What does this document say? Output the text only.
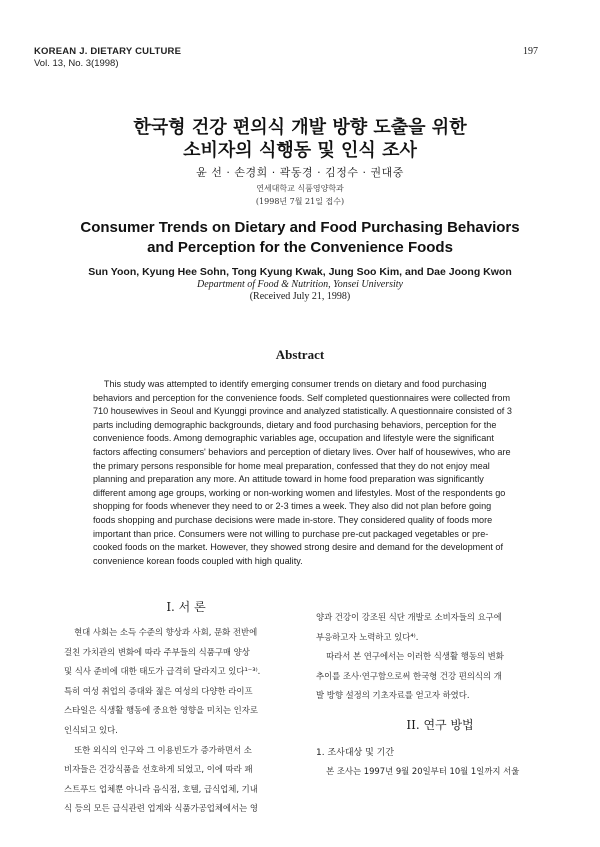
KOREAN J. DIETARY CULTURE
Vol. 13, No. 3(1998)
197
한국형 건강 편의식 개발 방향 도출을 위한
소비자의 식행동 및 인식 조사
윤 선 · 손경희 · 곽동경 · 김정수 · 권대중
연세대학교 식품영양학과
(1998년 7월 21일 접수)
Consumer Trends on Dietary and Food Purchasing Behaviors
and Perception for the Convenience Foods
Sun Yoon, Kyung Hee Sohn, Tong Kyung Kwak, Jung Soo Kim, and Dae Joong Kwon
Department of Food & Nutrition, Yonsei University
(Received July 21, 1998)
Abstract
This study was attempted to identify emerging consumer trends on dietary and food purchasing
behaviors and perception for the convenience foods. Self completed questionnaires were collected from
710 housewives in Seoul and Kyunggi province and analyzed statistically. A questionnaire consisted of 3
parts including demographic backgrounds, dietary and food purchasing behaviors, perception for the
convenience foods. Among demographic variables age, occupation and lifestyle were the significant
factors affecting consumers' behaviors and perception of dietary lives. Over half of housewives, who are
the primary persons responsible for home meal preparation, confessed that they do not enjoy meal
planning and preparation any more. An attitude toward in home food preparation was significantly
different among age groups, working or non-working women and lifestyles. Most of the respondents go
shopping for foods whenever they need to or 2-3 times a week. They also did not plan before going
foods shopping and purchase decisions were made in-store. They considered quality of foods more
important than price. Consumers were not willing to purchase pre-cut packaged vegetables or pre-
cooked foods on the market. However, they showed strong desire and demand for the development of
convenience korean foods coupled with high quality.
I. 서 론
현대 사회는 소득 수준의 향상과 사회, 문화 전반에
걸친 가치관의 변화에 따라 주부들의 식품구매 양상
및 식사 준비에 대한 태도가 급격히 달라지고 있다¹⁻³⁾.
특히 여성 취업의 증대와 젊은 여성의 다양한 라이프
스타일은 식생활 행동에 중요한 영향을 미치는 인자로
인식되고 있다.
또한 외식의 인구와 그 이용빈도가 증가하면서 소
비자들은 건강식품을 선호하게 되었고, 이에 따라 패
스트푸드 업체뿐 아니라 음식점, 호텔, 급식업체, 기내
식 등의 모든 급식관련 업계와 식품가공업체에서는 영
양과 건강이 강조된 식단 개발로 소비자들의 요구에
부응하고자 노력하고 있다⁴⁾.
따라서 본 연구에서는 이러한 식생활 행동의 변화
추이를 조사·연구함으로써 한국형 건강 편의식의 개
발 방향 설정의 기초자료를 얻고자 하였다.
II. 연구 방법
1. 조사대상 및 기간
본 조사는 1997년 9월 20일부터 10월 1일까지 서울
